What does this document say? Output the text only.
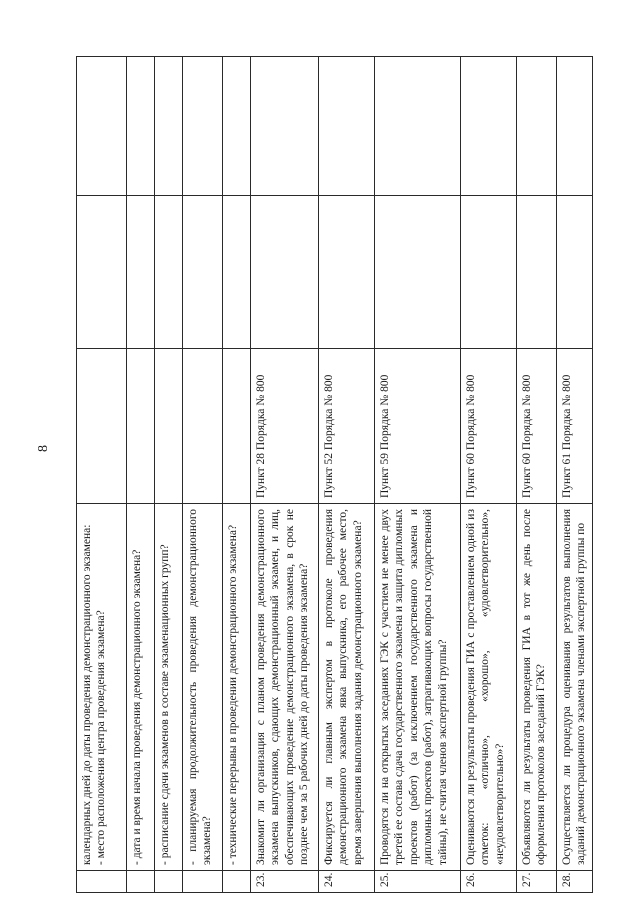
8
	календарных дней до даты проведения демонстрационного экзамена:
- место расположения центра проведения экзамена?			
	- дата и время начала проведения демонстрационного экзамена?			
	- расписание сдачи экзаменов в составе экзаменационных групп?			
	- планируемая продолжительность проведения демонстрационного экзамена?			
	- технические перерывы в проведении демонстрационного экзамена?			
23.	Знакомит ли организация с планом проведения демонстрационного экзамена выпускников, сдающих демонстрационный экзамен, и лиц, обеспечивающих проведение демонстрационного экзамена, в срок не позднее чем за 5 рабочих дней до даты проведения экзамена?	Пункт 28 Порядка № 800		
24.	Фиксируется ли главным экспертом в протоколе проведения демонстрационного экзамена явка выпускника, его рабочее место, время завершения выполнения задания демонстрационного экзамена?	Пункт 52 Порядка № 800		
25.	Проводятся ли на открытых заседаниях ГЭК с участием не менее двух третей ее состава сдача государственного экзамена и защита дипломных проектов (работ) (за исключением государственного экзамена и дипломных проектов (работ), затрагивающих вопросы государственной тайны), не считая членов экспертной группы?	Пункт 59 Порядка № 800		
26.	Оцениваются ли результаты проведения ГИА с проставлением одной из отметок: «отлично», «хорошо», «удовлетворительно», «неудовлетворительно»?	Пункт 60 Порядка № 800		
27.	Объявляются ли результаты проведения ГИА в тот же день после оформления протоколов заседаний ГЭК?	Пункт 60 Порядка № 800		
28.	Осуществляется ли процедура оценивания результатов выполнения заданий демонстрационного экзамена членами экспертной группы по	Пункт 61 Порядка № 800		
